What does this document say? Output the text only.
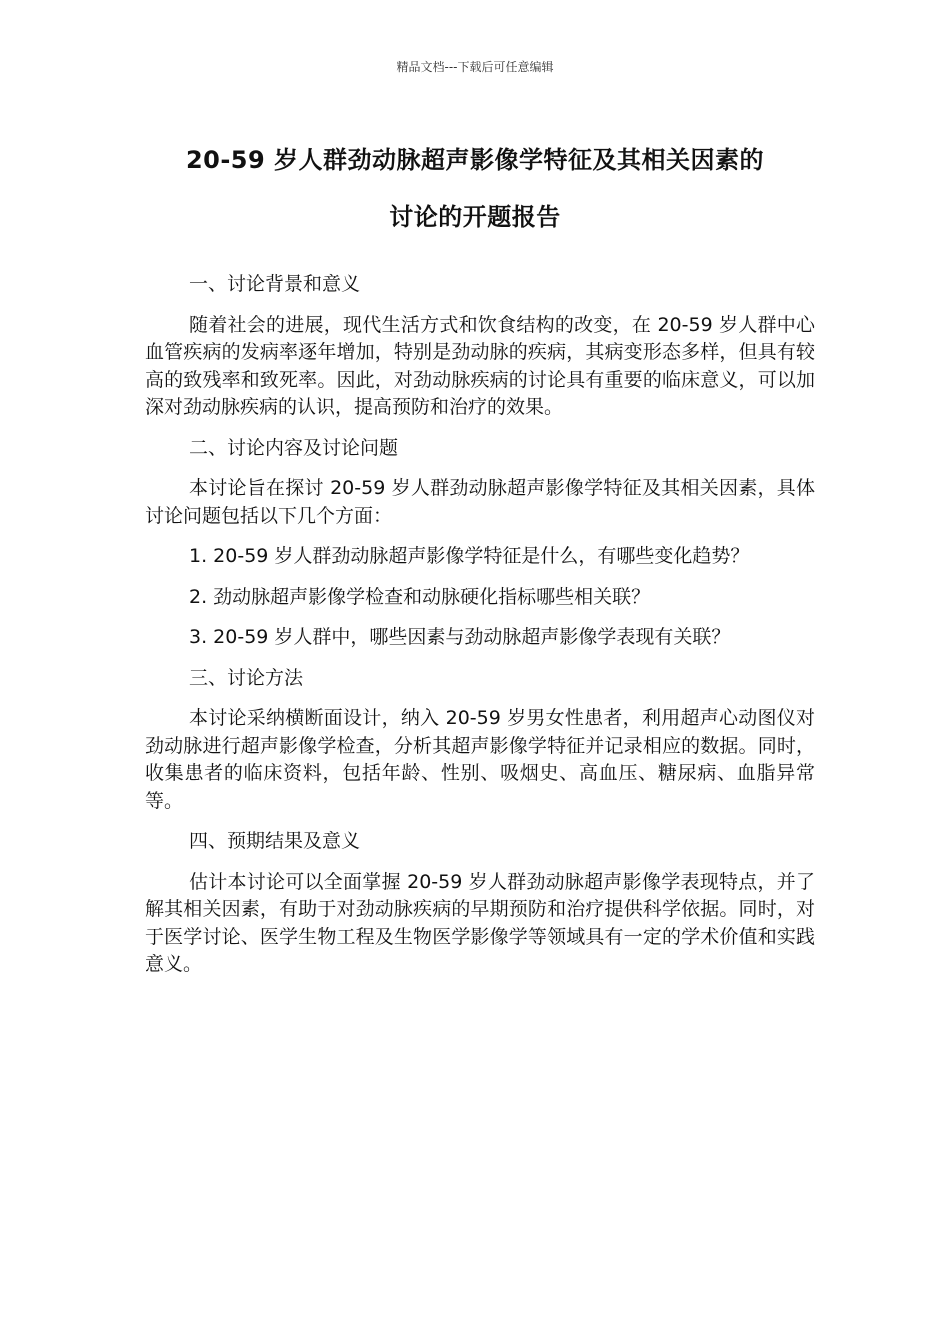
精品文档---下载后可任意编辑
20-59 岁人群劲动脉超声影像学特征及其相关因素的
讨论的开题报告

一、讨论背景和意义

随着社会的进展，现代生活方式和饮食结构的改变，在 20-59 岁人群中心血管疾病的发病率逐年增加，特别是劲动脉的疾病，其病变形态多样，但具有较高的致残率和致死率。因此，对劲动脉疾病的讨论具有重要的临床意义，可以加深对劲动脉疾病的认识，提高预防和治疗的效果。

二、讨论内容及讨论问题

本讨论旨在探讨 20-59 岁人群劲动脉超声影像学特征及其相关因素，具体讨论问题包括以下几个方面：

1. 20-59 岁人群劲动脉超声影像学特征是什么，有哪些变化趋势？

2. 劲动脉超声影像学检查和动脉硬化指标哪些相关联？

3. 20-59 岁人群中，哪些因素与劲动脉超声影像学表现有关联？

三、讨论方法

本讨论采纳横断面设计，纳入 20-59 岁男女性患者，利用超声心动图仪对劲动脉进行超声影像学检查，分析其超声影像学特征并记录相应的数据。同时，收集患者的临床资料，包括年龄、性别、吸烟史、高血压、糖尿病、血脂异常等。

四、预期结果及意义

估计本讨论可以全面掌握 20-59 岁人群劲动脉超声影像学表现特点，并了解其相关因素，有助于对劲动脉疾病的早期预防和治疗提供科学依据。同时，对于医学讨论、医学生物工程及生物医学影像学等领域具有一定的学术价值和实践意义。
